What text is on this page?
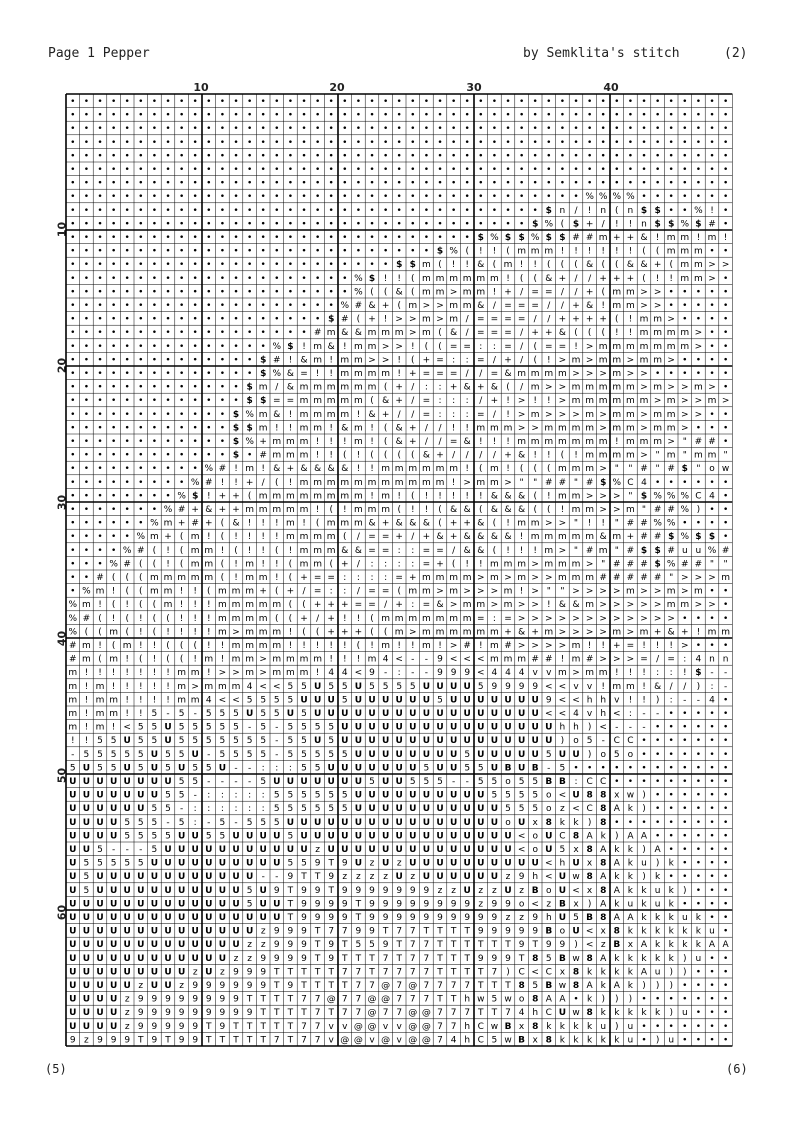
Page 1 Pepper	by Semklita's stitch	(2)
10	20	30	40
10
20
30
40
50
60
• • • • • • • • • • • • • • • • • • • • • • • • • • • • • • • • • • • • • • • • • • • • • • • • •
• • • • • • • • • • • • • • • • • • • • • • • • • • • • • • • • • • • • • • • • • • • • • • • • •
• • • • • • • • • • • • • • • • • • • • • • • • • • • • • • • • • • • • • • • • • • • • • • • • •
• • • • • • • • • • • • • • • • • • • • • • • • • • • • • • • • • • • • • • • • • • • • • • • • •
• • • • • • • • • • • • • • • • • • • • • • • • • • • • • • • • • • • • • • • • • • • • • • • • •
• • • • • • • • • • • • • • • • • • • • • • • • • • • • • • • • • • • • • • • • • • • • • • • • •
• • • • • • • • • • • • • • • • • • • • • • • • • • • • • • • • • • • • • • • • • • • • • • • • •
• • • • • • • • • • • • • • • • • • • • • • • • • • • • • • • • • • • • • • % % % % • • • • • • •
• • • • • • • • • • • • • • • • • • • • • • • • • • • • • • • • • • • $ n / ! n ( n $ $ • • % ! •
• • • • • • • • • • • • • • • • • • • • • • • • • • • • • • • • • • $ % ( $ + / ! ! n $ $ % $ # •
• • • • • • • • • • • • • • • • • • • • • • • • • • • • • • $ % $ $ % $ $ # # m + + & ! m m ! m !
• • • • • • • • • • • • • • • • • • • • • • • • • • • $ % ( ! ! ( m m m ! ! ! ! ! ! ( ( m m m • •
• • • • • • • • • • • • • • • • • • • • • • • • $ $ m ( ! ! & ( m ! ! ( ( ( & ( ( & & + ( m m > >
• • • • • • • • • • • • • • • • • • • • • % $ ! ! ( m m m m m m ! ( ( & + / / + + + ( ! ! m m > •
• • • • • • • • • • • • • • • • • • • • • % ( ( & ( m m > m m ! + / = = / / + ( m m > > • • • • •
• • • • • • • • • • • • • • • • • • • • % # & + ( m > > m m & / = = = / / + & ! m m > > • • • • •
• • • • • • • • • • • • • • • • • • • $ # ( + ! > > m > m / = = = = / / + + + + ( ! m m > • • • •
• • • • • • • • • • • • • • • • • • # m & & m m m > m ( & / = = = / + + & ( ( ( ! ! m m m m > • •
• • • • • • • • • • • • • • • % $ ! m & ! m m > > ! ( ( = = : : = / ( = = ! > m m m m m m m > • •
• • • • • • • • • • • • • • $ # ! & m ! m m > > ! ( + = : : = / + / ( ! > m > m m > m m > • • • •
• • • • • • • • • • • • • • $ % & = ! ! m m m m ! + = = = / / = & m m m m > > > m > > • • • • • •
• • • • • • • • • • • • • $ m / & m m m m m m ( + / : : + & + & ( / m > > m m m m m > m > > m > •
• • • • • • • • • • • • • $ $ = = m m m m m ( & + / = : : : / + ! > ! ! > m m m m m m > m > > m >
• • • • • • • • • • • • $ % m & ! m m m m ! & + / / = : : : = / ! > m > > > m > m m > m m > > • •
• • • • • • • • • • • • $ $ m ! ! m m ! & m ! ( & + / / ! ! m m m > > m m m m > m m > m m > • • •
• • • • • • • • • • • • $ % + m m m ! ! ! m ! ( & + / / = & ! ! ! m m m m m m m ! m m m > " # # •
• • • • • • • • • • • • $ • # m m m ! ! ( ! ( ( ( ( & + / / / / + & ! ! ( ! m m m m > " m " m m "
• • • • • • • • • • % # ! m ! & + & & & & ! ! m m m m m m ! ( m ! ( ( ( m m m > " " # " # $ " o w
• • • • • • • • • % # ! ! + / ( ! m m m m m m m m m m m ! > m m > " " # # " # $ % C 4 • • • • • •
• • • • • • • • % $ ! + + ( m m m m m m m m ! m ! ( ! ! ! ! ! & & & ( ! m m > > > " $ % % % C 4 •
• • • • • • • % # + & + + m m m m m ! ( ! m m m ( ! ! ( & & ( & & & ( ( ! m m > > m " # # % ) • •
• • • • • • % m + # + ( & ! ! ! m ! ( m m m & + & & & ( + + & ( ! m m > > " ! ! " # # % % • • • •
• • • • • % m + ( m ! ( ! ! ! ! m m m m ( / = = + / + & + & & & & ! m m m m m & m + # # $ % $ $ •
• • • • % # ( ! ( m m ! ( ! ! ( ! m m m & & = = : : = = / & & ( ! ! ! m > " # m " # $ $ # u u % #
• • • % # ( ( ! ( m m ( ! m ! ! ( m m ( + / : : : : = + ( ! ! m m m > m m m > " # # # $ % # # " "
• • # ( ( ( m m m m m ( ! m m ! ( + = = : : : : = + m m m m > m > m > > m m m # # # # # " > > > m
• % m ! ( ( m m ! ! ( m m m + ( + / = : : / = = ( m m > m > > > m ! > " " > > > > m > > m > m • •
% m ! ( ! ( ( m ! ! ! m m m m m ( ( + + + = = / + : = & > m m > m > > ! & & m > > > > > m m > > •
% # ( ! ( ! ( ( ! ! ! m m m m ( ( + / + ! ! ( m m m m m m m = : = > > > > > > > > > > > > • • • •
% ( ( m ( ! ( ! ! ! ! m > m m m ! ( ( + + + ( ( m > m m m m m m + & + m > > > > m > m + & + ! m m
# m ! ( m ! ! ( ( ( ! ! m m m m ! ! ! ! ! ( ! m ! ! m ! > # ! m # > > > > m ! ! + = ! ! ! > • • •
# m ( m ! ( ! ( ( ! m ! m m > m m m m ! ! ! m 4 < - - 9 < < < m m m # # ! m # > > > = / = : 4 n n
m ! ! ! ! ! ! ! m m ! > > m > m m m ! 4 4 < 9 - : - - 9 9 9 < 4 4 4 v v m > m m ! ! ! : : ! $ - -
m ! m ! ! ! ! ! m > m m m 4 < < 5 5 U 5 5 U 5 5 5 5 U U U U 5 9 9 9 9 < < v v ! m m ! & / / ) : -
m ! m m ! ! ! ! m m 4 < < 5 5 5 5 U U U 5 U U U U U U 5 U U U U U U U 9 < < h h v ! ! ) : - - 4 •
m ! m m ! ! 5 - 5 - 5 5 5 U 5 5 U 5 U U U U U U U U U U U U U U U U U < < 4 v h < : - - • • • • •
m ! m ! < 5 5 U 5 5 5 5 5 - 5 - 5 5 5 5 U U U U U U U U U U U U U U U U h h ) < - - - • • • • • •
! ! 5 5 U 5 5 U 5 5 5 5 5 5 5 - 5 5 U 5 U U U U U U U U U U U U U U U U ) o 5 - C C • • • • • • •
- 5 5 5 5 5 U 5 5 U - 5 5 5 5 - 5 5 5 5 5 U U U U U U U U 5 U U U U U 5 U U ) o 5 o • • • • • • •
5 U 5 5 U 5 U 5 U 5 5 U - - : : : 5 5 U U U U U U U 5 U U 5 5 U B U B - 5 • • • • • • • • • • • •
U U U U U U U U 5 5 - - - - 5 U U U U U U U 5 U U 5 5 5 - - 5 5 o 5 5 B B : C C • • • • • • • • •
U U U U U U U 5 5 - : : : : : 5 5 5 5 5 5 U U U U U U U U U U 5 5 5 5 o < U 8 8 x w ) • • • • • •
U U U U U U 5 5 - : : : : : : 5 5 5 5 5 5 U U U U U U U U U U U 5 5 5 o z < C 8 A k ) • • • • • •
U U U U 5 5 5 - 5 : - 5 - 5 5 5 U U U U U U U U U U U U U U U U o U x 8 k k ) 8 • • • • • • • • •
U U U U 5 5 5 5 U U 5 5 U U U U 5 U U U U U U U U U U U U U U U U < o U C 8 A k ) A A • • • • • •
U U 5 - - - 5 U U U U U U U U U U U z U U U U U U U U U U U U U U < o U 5 x 8 A k k ) A • • • • •
U 5 5 5 5 5 U U U U U U U U U U 5 5 9 T 9 U z U z U U U U U U U U U U < h U x 8 A k u ) k • • • •
U 5 U U U U U U U U U U U U - - 9 T T 9 z z z z U z U U U U U U z 9 h < U w 8 A k k ) k • • • • •
U 5 U U U U U U U U U U U 5 U 9 T 9 9 T 9 9 9 9 9 9 9 z z U z z U z B o U < x 8 A k k u k ) • • •
U U U U U U U U U U U U U 5 U U T 9 9 9 9 T 9 9 9 9 9 9 9 9 z 9 9 o < z B x ) A k u k u k • • • •
U U U U U U U U U U U U U U U U T 9 9 9 9 T 9 9 9 9 9 9 9 9 9 9 z z 9 h U 5 B 8 A A k k k u k • •
U U U U U U U U U U U U U U z 9 9 9 T 7 7 9 9 T 7 7 T T T T 9 9 9 9 9 B o U < x 8 k k k k k k u •
U U U U U U U U U U U U U z z 9 9 9 T 9 T 5 5 9 T 7 7 T T T T T T 9 T 9 9 ) < z B x A k k k k A A
U U U U U U U U U U U U z z 9 9 9 9 T 9 T T T 7 T 7 7 T T T 9 9 9 T 8 5 B w 8 A k k k k k ) u • •
U U U U U U U U U z U z 9 9 9 T T T T T 7 7 T 7 7 7 7 T T T T 7 ) C < C x 8 k k k k A u ) ) • • •
U U U U U z U U z 9 9 9 9 9 9 T 9 T T T T 7 7 @ 7 @ 7 7 7 7 T T T 8 5 B w 8 A k A k ) ) ) • • • •
U U U U z 9 9 9 9 9 9 9 9 T T T T 7 7 @ 7 7 @ @ 7 7 7 T T h w 5 w o 8 A A • k ) ) ) • • • • • • •
U U U U z 9 9 9 9 9 9 9 9 9 T T T T 7 T 7 7 @ 7 7 @ @ 7 7 7 T T 7 4 h C U w 8 k k k k k ) u • • •
U U U U z 9 9 9 9 9 T 9 T T T T T 7 7 v v @ @ v v @ @ 7 7 h C w B x 8 k k k k u ) u • • • • • • •
9 z 9 9 9 T 9 T 9 9 T T T T T 7 T 7 7 v @ @ v @ v @ @ 7 4 h C 5 w B x 8 k k k k k u • ) u • • • •
(5)	(6)
